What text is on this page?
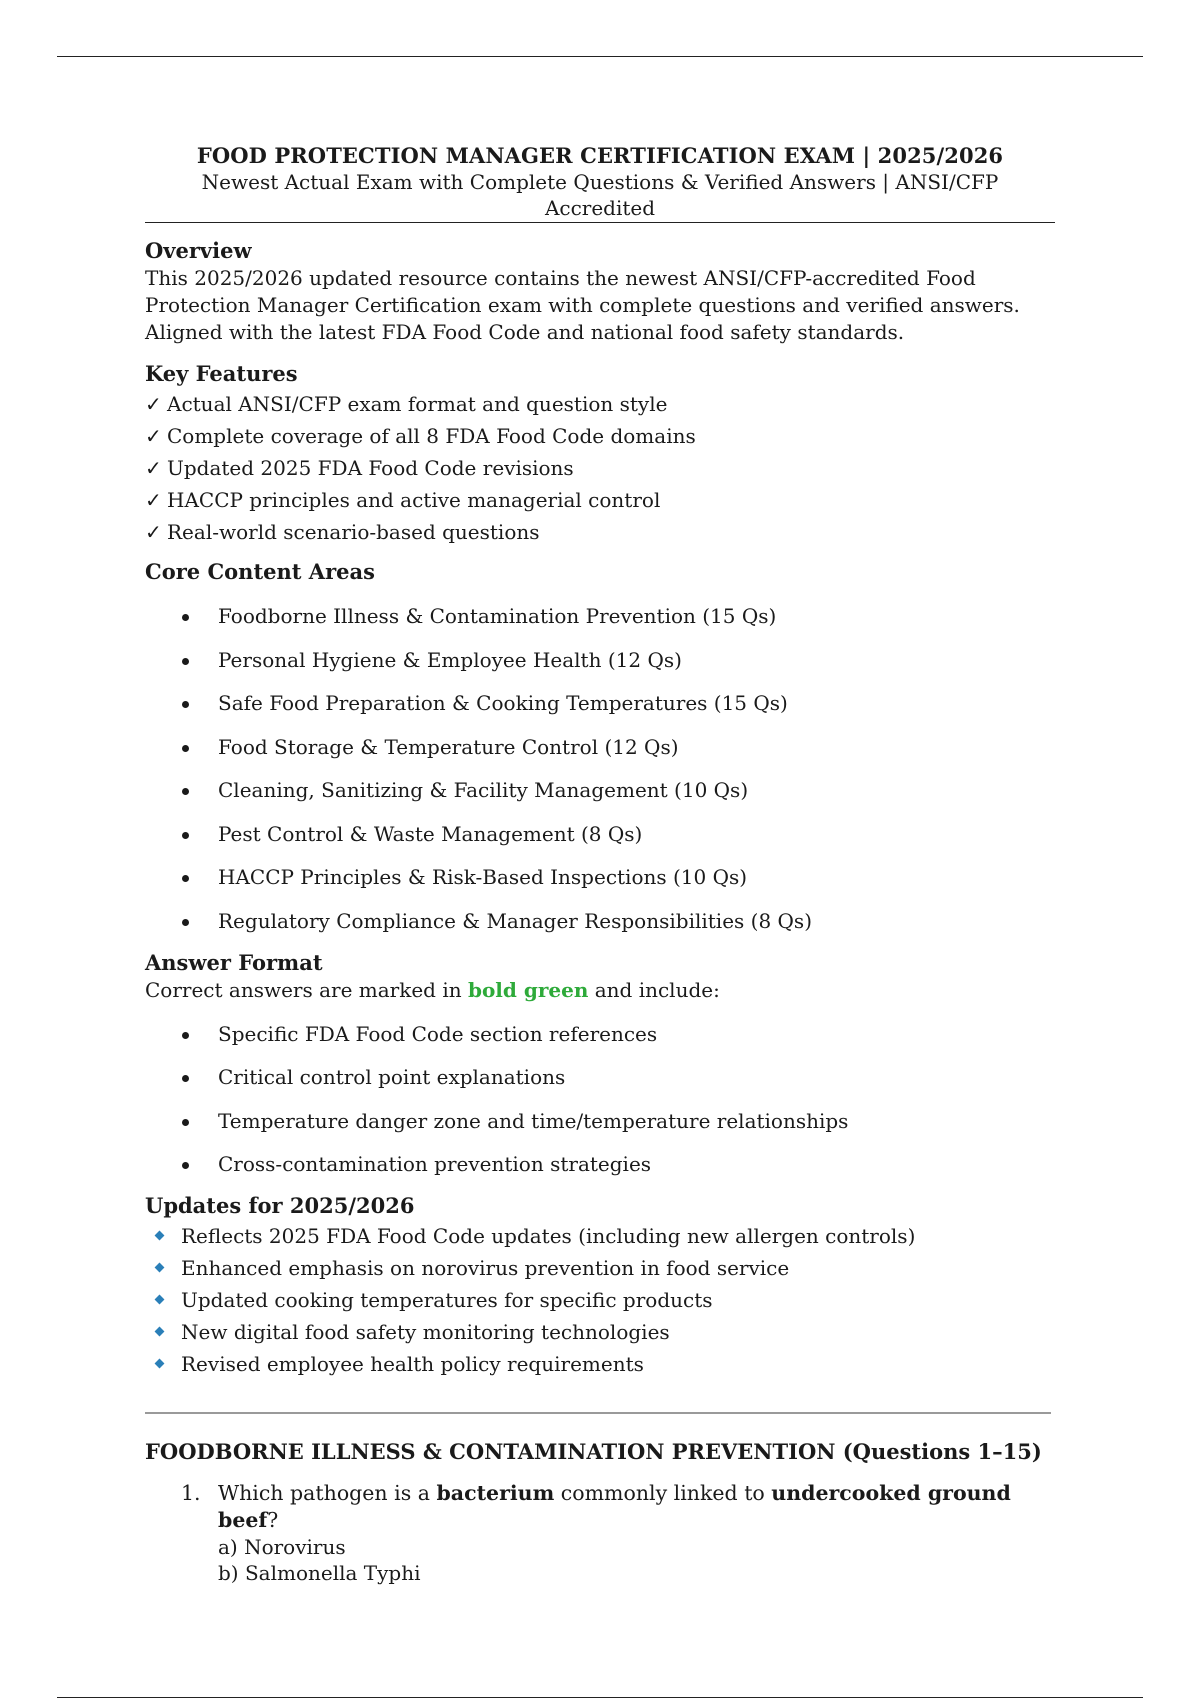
FOOD PROTECTION MANAGER CERTIFICATION EXAM | 2025/2026

Newest Actual Exam with Complete Questions & Verified Answers | ANSI/CFP Accredited

Overview

This 2025/2026 updated resource contains the newest ANSI/CFP-accredited Food

Protection Manager Certification exam with complete questions and verified answers.

Aligned with the latest FDA Food Code and national food safety standards.

Key Features
✓ Actual ANSI/CFP exam format and question style
✓ Complete coverage of all 8 FDA Food Code domains
✓ Updated 2025 FDA Food Code revisions
✓ HACCP principles and active managerial control
✓ Real-world scenario-based questions
Core Content Areas
Foodborne Illness & Contamination Prevention (15 Qs)
Personal Hygiene & Employee Health (12 Qs)
Safe Food Preparation & Cooking Temperatures (15 Qs)
Food Storage & Temperature Control (12 Qs)
Cleaning, Sanitizing & Facility Management (10 Qs)
Pest Control & Waste Management (8 Qs)
HACCP Principles & Risk-Based Inspections (10 Qs)
Regulatory Compliance & Manager Responsibilities (8 Qs)
Answer Format

Correct answers are marked in bold green and include:

Specific FDA Food Code section references
Critical control point explanations
Temperature danger zone and time/temperature relationships
Cross-contamination prevention strategies
Updates for 2025/2026
Reflects 2025 FDA Food Code updates (including new allergen controls)
Enhanced emphasis on norovirus prevention in food service
Updated cooking temperatures for specific products
New digital food safety monitoring technologies
Revised employee health policy requirements
FOODBORNE ILLNESS & CONTAMINATION PREVENTION (Questions 1–15)
1. Which pathogen is a bacterium commonly linked to undercooked ground beef?
a) Norovirus
b) Salmonella Typhi
